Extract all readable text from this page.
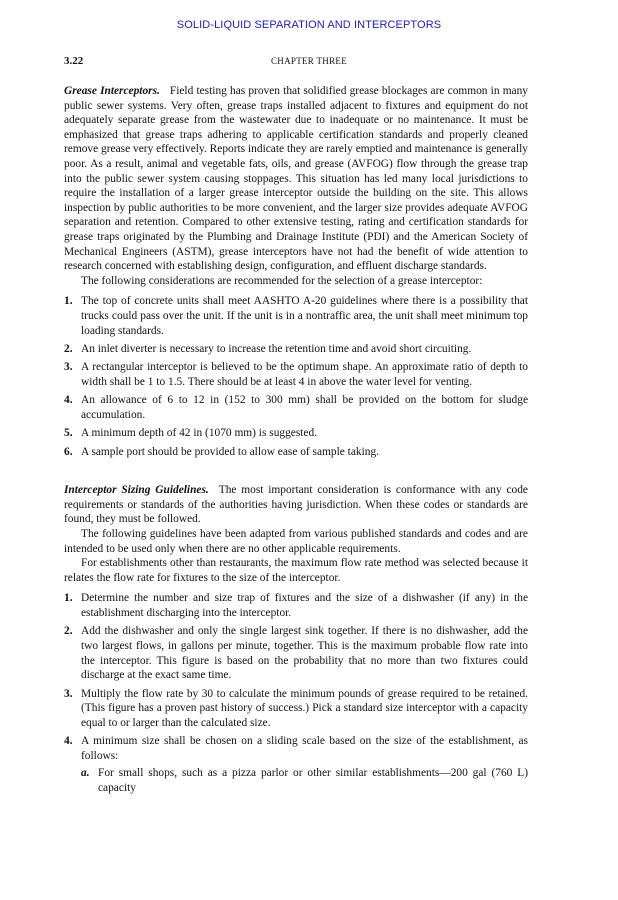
SOLID-LIQUID SEPARATION AND INTERCEPTORS
3.22	CHAPTER THREE

Grease Interceptors. Field testing has proven that solidified grease blockages are common in many public sewer systems. Very often, grease traps installed adjacent to fixtures and equipment do not adequately separate grease from the wastewater due to inadequate or no maintenance. It must be emphasized that grease traps adhering to applicable certification standards and properly cleaned remove grease very effectively. Reports indicate they are rarely emptied and maintenance is generally poor. As a result, animal and vegetable fats, oils, and grease (AVFOG) flow through the grease trap into the public sewer system causing stoppages. This situation has led many local jurisdictions to require the installation of a larger grease interceptor outside the building on the site. This allows inspection by public authorities to be more convenient, and the larger size provides adequate AVFOG separation and retention. Compared to other extensive testing, rating and certification standards for grease traps originated by the Plumbing and Drainage Institute (PDI) and the American Society of Mechanical Engineers (ASTM), grease interceptors have not had the benefit of wide attention to research concerned with establishing design, configuration, and effluent discharge standards.

The following considerations are recommended for the selection of a grease interceptor:

1. The top of concrete units shall meet AASHTO A-20 guidelines where there is a possibility that trucks could pass over the unit. If the unit is in a nontraffic area, the unit shall meet minimum top loading standards.
2. An inlet diverter is necessary to increase the retention time and avoid short circuiting.
3. A rectangular interceptor is believed to be the optimum shape. An approximate ratio of depth to width shall be 1 to 1.5. There should be at least 4 in above the water level for venting.
4. An allowance of 6 to 12 in (152 to 300 mm) shall be provided on the bottom for sludge accumulation.
5. A minimum depth of 42 in (1070 mm) is suggested.
6. A sample port should be provided to allow ease of sample taking.

Interceptor Sizing Guidelines. The most important consideration is conformance with any code requirements or standards of the authorities having jurisdiction. When these codes or standards are found, they must be followed.

The following guidelines have been adapted from various published standards and codes and are intended to be used only when there are no other applicable requirements.

For establishments other than restaurants, the maximum flow rate method was selected because it relates the flow rate for fixtures to the size of the interceptor.

1. Determine the number and size trap of fixtures and the size of a dishwasher (if any) in the establishment discharging into the interceptor.
2. Add the dishwasher and only the single largest sink together. If there is no dishwasher, add the two largest flows, in gallons per minute, together. This is the maximum probable flow rate into the interceptor. This figure is based on the probability that no more than two fixtures could discharge at the exact same time.
3. Multiply the flow rate by 30 to calculate the minimum pounds of grease required to be retained. (This figure has a proven past history of success.) Pick a standard size interceptor with a capacity equal to or larger than the calculated size.
4. A minimum size shall be chosen on a sliding scale based on the size of the establishment, as follows:
a. For small shops, such as a pizza parlor or other similar establishments—200 gal (760 L) capacity
